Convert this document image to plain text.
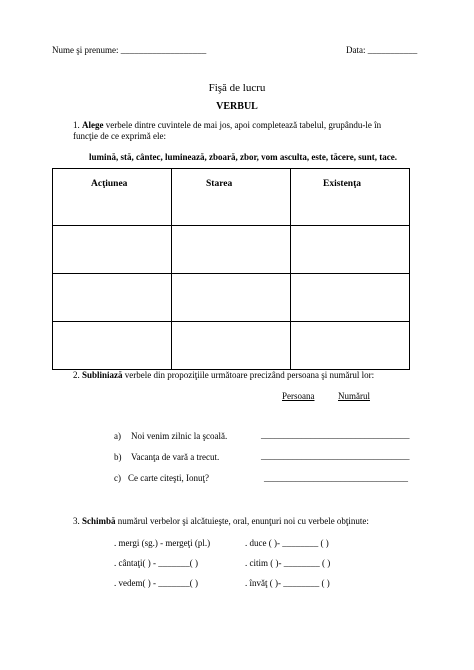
Nume şi prenume: ___________________	Data: ___________
Fişă de lucru
VERBUL
1. Alege verbele dintre cuvintele de mai jos, apoi completează tabelul, grupându-le în
funcţie de ce exprimă ele:
lumină, stă, cântec, luminează, zboară, zbor, vom asculta, este, tăcere, sunt, tace.
Acţiunea	Starea	Existenţa

2. Subliniază verbele din propoziţiile următoare precizând persoana şi numărul lor:
Persoana	Numărul
a) Noi venim zilnic la şcoală.	_________________________________
b) Vacanţa de vară a trecut.	_________________________________
c) Ce carte citeşti, Ionuţ?	________________________________
3. Schimbă numărul verbelor şi alcătuieşte, oral, enunţuri noi cu verbele obţinute:
. mergi (sg.) - mergeţi (pl.)	. duce ( )- ________ ( )
. cântaţi( ) - _______( )	. citim ( )- ________ ( )
. vedem( ) - _______( )	. învăţ ( )- ________ ( )
